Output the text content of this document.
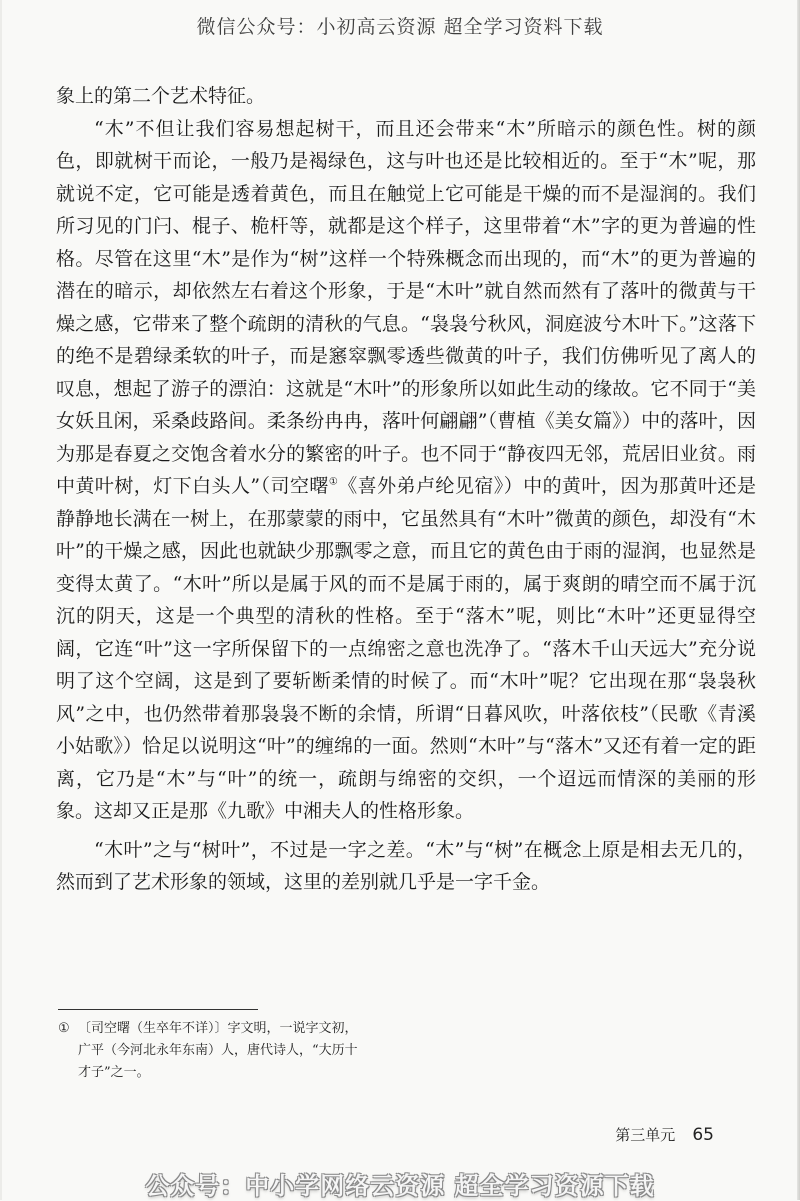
微信公众号：小初高云资源 超全学习资料下载

象上的第二个艺术特征。

“木”不但让我们容易想起树干，而且还会带来“木”所暗示的颜色性。树的颜色，即就树干而论，一般乃是褐绿色，这与叶也还是比较相近的。至于“木”呢，那就说不定，它可能是透着黄色，而且在触觉上它可能是干燥的而不是湿润的。我们所习见的门闩、棍子、桅杆等，就都是这个样子，这里带着“木”字的更为普遍的性格。尽管在这里“木”是作为“树”这样一个特殊概念而出现的，而“木”的更为普遍的潜在的暗示，却依然左右着这个形象，于是“木叶”就自然而然有了落叶的微黄与干燥之感，它带来了整个疏朗的清秋的气息。“袅袅兮秋风，洞庭波兮木叶下。”这落下的绝不是碧绿柔软的叶子，而是窸窣飘零透些微黄的叶子，我们仿佛听见了离人的叹息，想起了游子的漂泊：这就是“木叶”的形象所以如此生动的缘故。它不同于“美女妖且闲，采桑歧路间。柔条纷冉冉，落叶何翩翩”（曹植《美女篇》）中的落叶，因为那是春夏之交饱含着水分的繁密的叶子。也不同于“静夜四无邻，荒居旧业贫。雨中黄叶树，灯下白头人”（司空曙①《喜外弟卢纶见宿》）中的黄叶，因为那黄叶还是静静地长满在一树上，在那蒙蒙的雨中，它虽然具有“木叶”微黄的颜色，却没有“木叶”的干燥之感，因此也就缺少那飘零之意，而且它的黄色由于雨的湿润，也显然是变得太黄了。“木叶”所以是属于风的而不是属于雨的，属于爽朗的晴空而不属于沉沉的阴天，这是一个典型的清秋的性格。至于“落木”呢，则比“木叶”还更显得空阔，它连“叶”这一字所保留下的一点绵密之意也洗净了。“落木千山天远大”充分说明了这个空阔，这是到了要斩断柔情的时候了。而“木叶”呢？它出现在那“袅袅秋风”之中，也仍然带着那袅袅不断的余情，所谓“日暮风吹，叶落依枝”（民歌《青溪小姑歌》）恰足以说明这“叶”的缠绵的一面。然则“木叶”与“落木”又还有着一定的距离，它乃是“木”与“叶”的统一，疏朗与绵密的交织，一个迢远而情深的美丽的形象。这却又正是那《九歌》中湘夫人的性格形象。

“木叶”之与“树叶”，不过是一字之差。“木”与“树”在概念上原是相去无几的，然而到了艺术形象的领域，这里的差别就几乎是一字千金。

① 〔司空曙（生卒年不详）〕字文明，一说字文初，广平（今河北永年东南）人，唐代诗人，“大历十才子”之一。
第三单元 65
公众号：中小学网络云资源 超全学习资源下载
